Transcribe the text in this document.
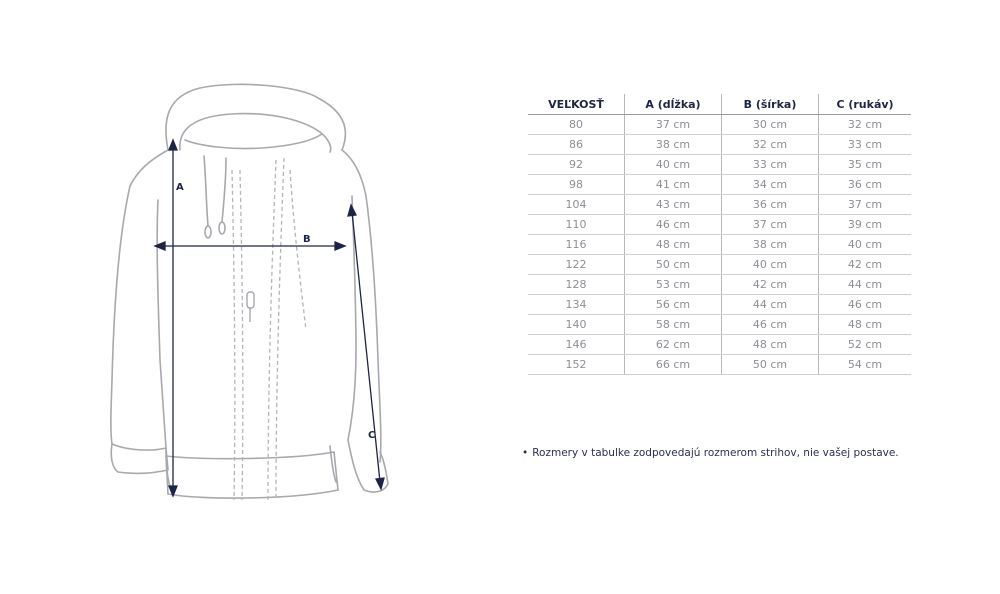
A
B
C
VEĽKOSŤ	A (dĺžka)	B (šírka)	C (rukáv)
80	37 cm	30 cm	32 cm
86	38 cm	32 cm	33 cm
92	40 cm	33 cm	35 cm
98	41 cm	34 cm	36 cm
104	43 cm	36 cm	37 cm
110	46 cm	37 cm	39 cm
116	48 cm	38 cm	40 cm
122	50 cm	40 cm	42 cm
128	53 cm	42 cm	44 cm
134	56 cm	44 cm	46 cm
140	58 cm	46 cm	48 cm
146	62 cm	48 cm	52 cm
152	66 cm	50 cm	54 cm
• Rozmery v tabulke zodpovedajú rozmerom strihov, nie vašej postave.
